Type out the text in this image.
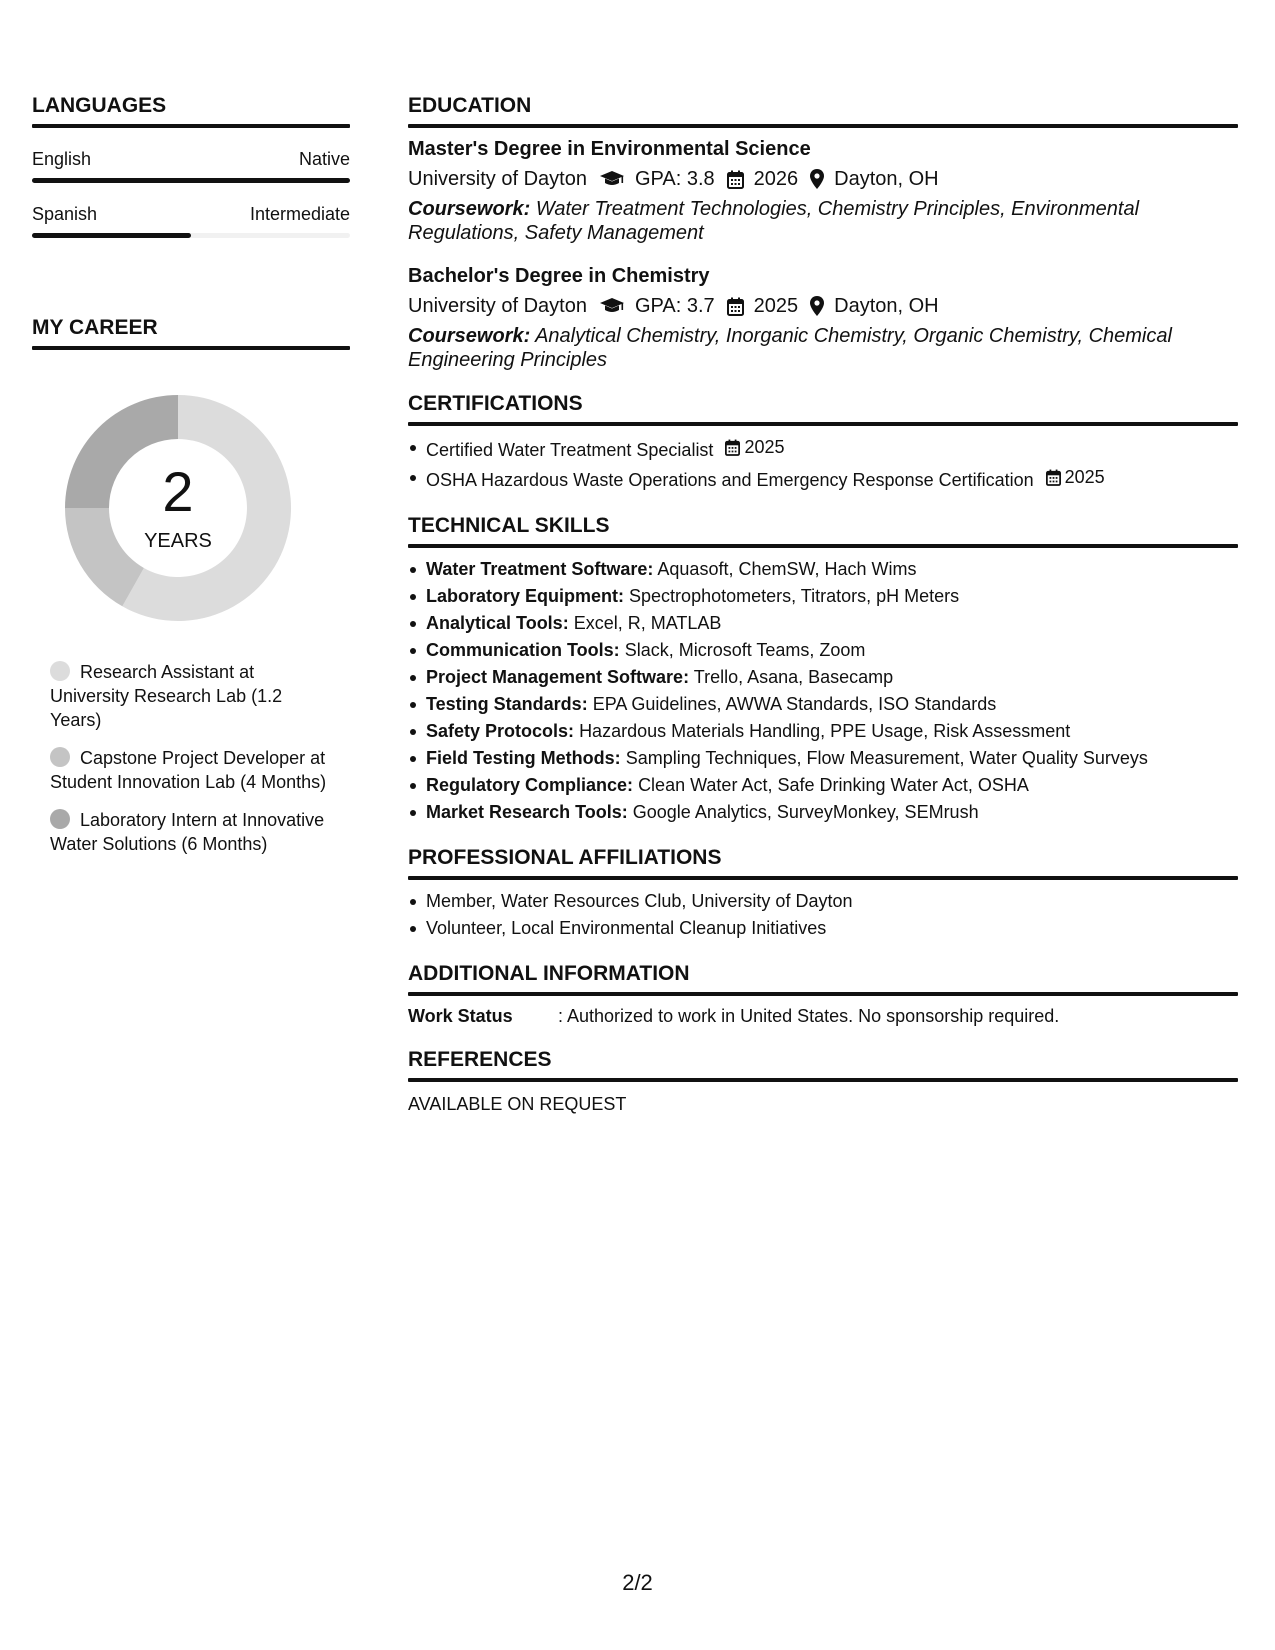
LANGUAGES
English	Native
Spanish	Intermediate
MY CAREER
2
YEARS
Research Assistant at University Research Lab (1.2 Years)
Capstone Project Developer at Student Innovation Lab (4 Months)
Laboratory Intern at Innovative Water Solutions (6 Months)
EDUCATION
Master's Degree in Environmental Science
University of Dayton GPA: 3.8 2026 Dayton, OH
Coursework: Water Treatment Technologies, Chemistry Principles, Environmental Regulations, Safety Management
Bachelor's Degree in Chemistry
University of Dayton GPA: 3.7 2025 Dayton, OH
Coursework: Analytical Chemistry, Inorganic Chemistry, Organic Chemistry, Chemical Engineering Principles
CERTIFICATIONS
Certified Water Treatment Specialist 2025
OSHA Hazardous Waste Operations and Emergency Response Certification 2025
TECHNICAL SKILLS
Water Treatment Software: Aquasoft, ChemSW, Hach Wims
Laboratory Equipment: Spectrophotometers, Titrators, pH Meters
Analytical Tools: Excel, R, MATLAB
Communication Tools: Slack, Microsoft Teams, Zoom
Project Management Software: Trello, Asana, Basecamp
Testing Standards: EPA Guidelines, AWWA Standards, ISO Standards
Safety Protocols: Hazardous Materials Handling, PPE Usage, Risk Assessment
Field Testing Methods: Sampling Techniques, Flow Measurement, Water Quality Surveys
Regulatory Compliance: Clean Water Act, Safe Drinking Water Act, OSHA
Market Research Tools: Google Analytics, SurveyMonkey, SEMrush
PROFESSIONAL AFFILIATIONS
Member, Water Resources Club, University of Dayton
Volunteer, Local Environmental Cleanup Initiatives
ADDITIONAL INFORMATION
Work Status	: Authorized to work in United States. No sponsorship required.
REFERENCES
AVAILABLE ON REQUEST
2/2
